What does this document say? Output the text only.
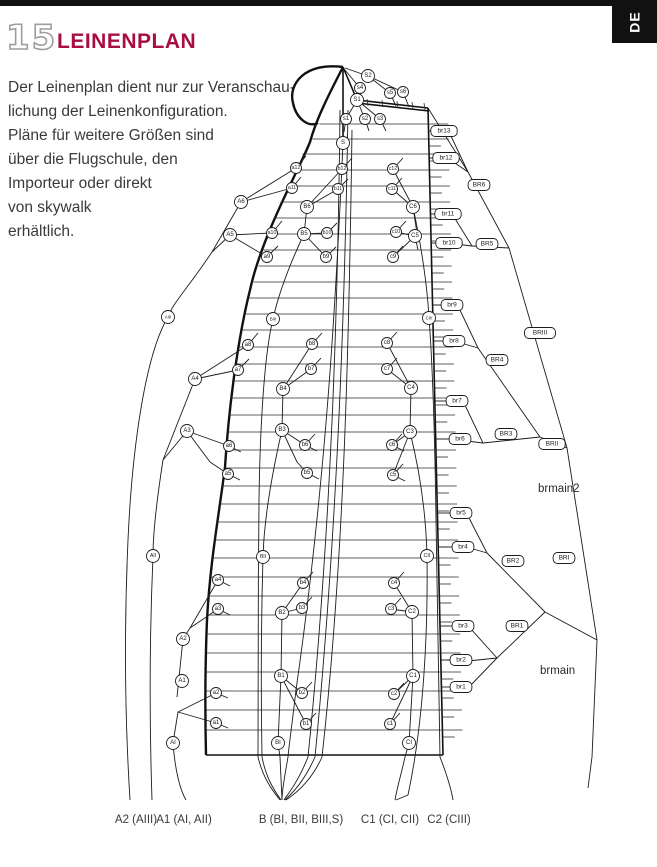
DE
15 LEINENPLAN
Der Leinenplan dient nur zur Veranschau-
lichung der Leinenkonfiguration.
Pläne für weitere Größen sind
über die Flugschule, den
Importeur oder direkt
von skywalk
erhältlich.
S2
s4
s5 s6
S1
s1 s2 s3
S
a12
a11
A6
a10
A5
a9
AIII
a8
a7
A4
A3
a6
a5
AII
a4
a3
A2
A1
a2
a1
AI
b12
b11
B6
b10
B5
b9
BIII
b8
b7
B4
B3
b6
b5
BII
b4
b3
B2
B1
b2
b1
BI
c12
c11
C6
c10
C5
c9
CIII
c8
c7
C4
C3
c6
c5
CII
c4
c3 C2
C1
c2
c1
CI
br13
br12
BR6
br11
br10	BR5
br9
br8
BRIII
BR4
br7
br6
BR3
BRII
br5
br4
BR2	BRI
br3	BR1
br2
br1
A2 (AIII) A1 (AI, AII)	B (BI, BII, BIII,S) C1 (CI, CII) C2 (CIII)
brmain2
brmain
